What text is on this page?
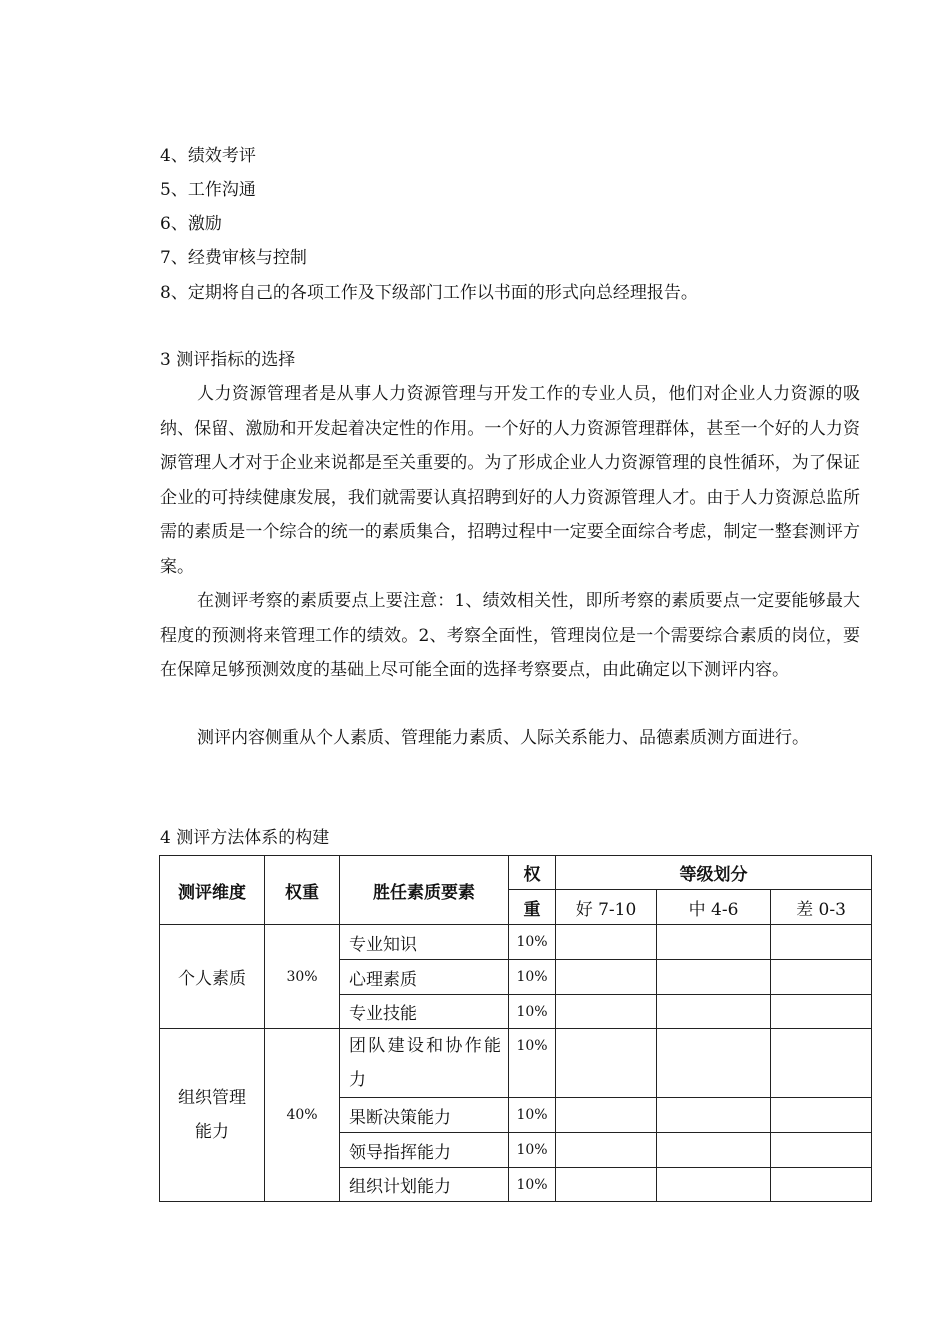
4、绩效考评
5、工作沟通
6、激励
7、经费审核与控制
8、定期将自己的各项工作及下级部门工作以书面的形式向总经理报告。
3 测评指标的选择
人力资源管理者是从事人力资源管理与开发工作的专业人员，他们对企业人力资源的吸纳、保留、激励和开发起着决定性的作用。一个好的人力资源管理群体，甚至一个好的人力资源管理人才对于企业来说都是至关重要的。为了形成企业人力资源管理的良性循环，为了保证企业的可持续健康发展，我们就需要认真招聘到好的人力资源管理人才。由于人力资源总监所需的素质是一个综合的统一的素质集合，招聘过程中一定要全面综合考虑，制定一整套测评方案。
在测评考察的素质要点上要注意：1、绩效相关性，即所考察的素质要点一定要能够最大程度的预测将来管理工作的绩效。2、考察全面性，管理岗位是一个需要综合素质的岗位，要在保障足够预测效度的基础上尽可能全面的选择考察要点，由此确定以下测评内容。
测评内容侧重从个人素质、管理能力素质、人际关系能力、品德素质测方面进行。
4 测评方法体系的构建
测评维度	权重	胜任素质要素	权	等级划分		
			重	好 7-10	中 4-6	差 0-3
个人素质	30%	专业知识	10%			
		心理素质	10%			
		专业技能	10%			

组织管理
能力	40%	团队建设和协作能力	10%			
		果断决策能力	10%			
		领导指挥能力	10%			
		组织计划能力	10%			
